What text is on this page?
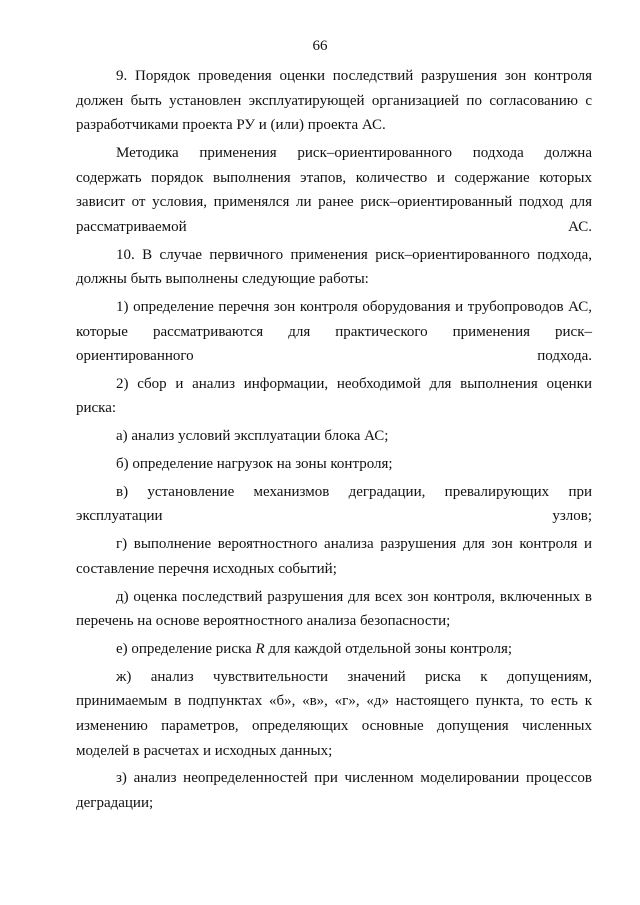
66

9. Порядок проведения оценки последствий разрушения зон контроля должен быть установлен эксплуатирующей организацией по согласованию с разработчиками проекта РУ и (или) проекта АС.

Методика применения риск–ориентированного подхода должна содержать порядок выполнения этапов, количество и содержание которых зависит от условия, применялся ли ранее риск–ориентированный подход для рассматриваемой АС.

10. В случае первичного применения риск–ориентированного подхода, должны быть выполнены следующие работы:

1) определение перечня зон контроля оборудования и трубопроводов АС, которые рассматриваются для практического применения риск–ориентированного подхода.

2) сбор и анализ информации, необходимой для выполнения оценки риска:

а) анализ условий эксплуатации блока АС;

б) определение нагрузок на зоны контроля;

в) установление механизмов деградации, превалирующих при эксплуатации узлов;

г) выполнение вероятностного анализа разрушения для зон контроля и составление перечня исходных событий;

д) оценка последствий разрушения для всех зон контроля, включенных в перечень на основе вероятностного анализа безопасности;

е) определение риска R для каждой отдельной зоны контроля;

ж) анализ чувствительности значений риска к допущениям, принимаемым в подпунктах «б», «в», «г», «д» настоящего пункта, то есть к изменению параметров, определяющих основные допущения численных моделей в расчетах и исходных данных;

з) анализ неопределенностей при численном моделировании процессов деградации;
